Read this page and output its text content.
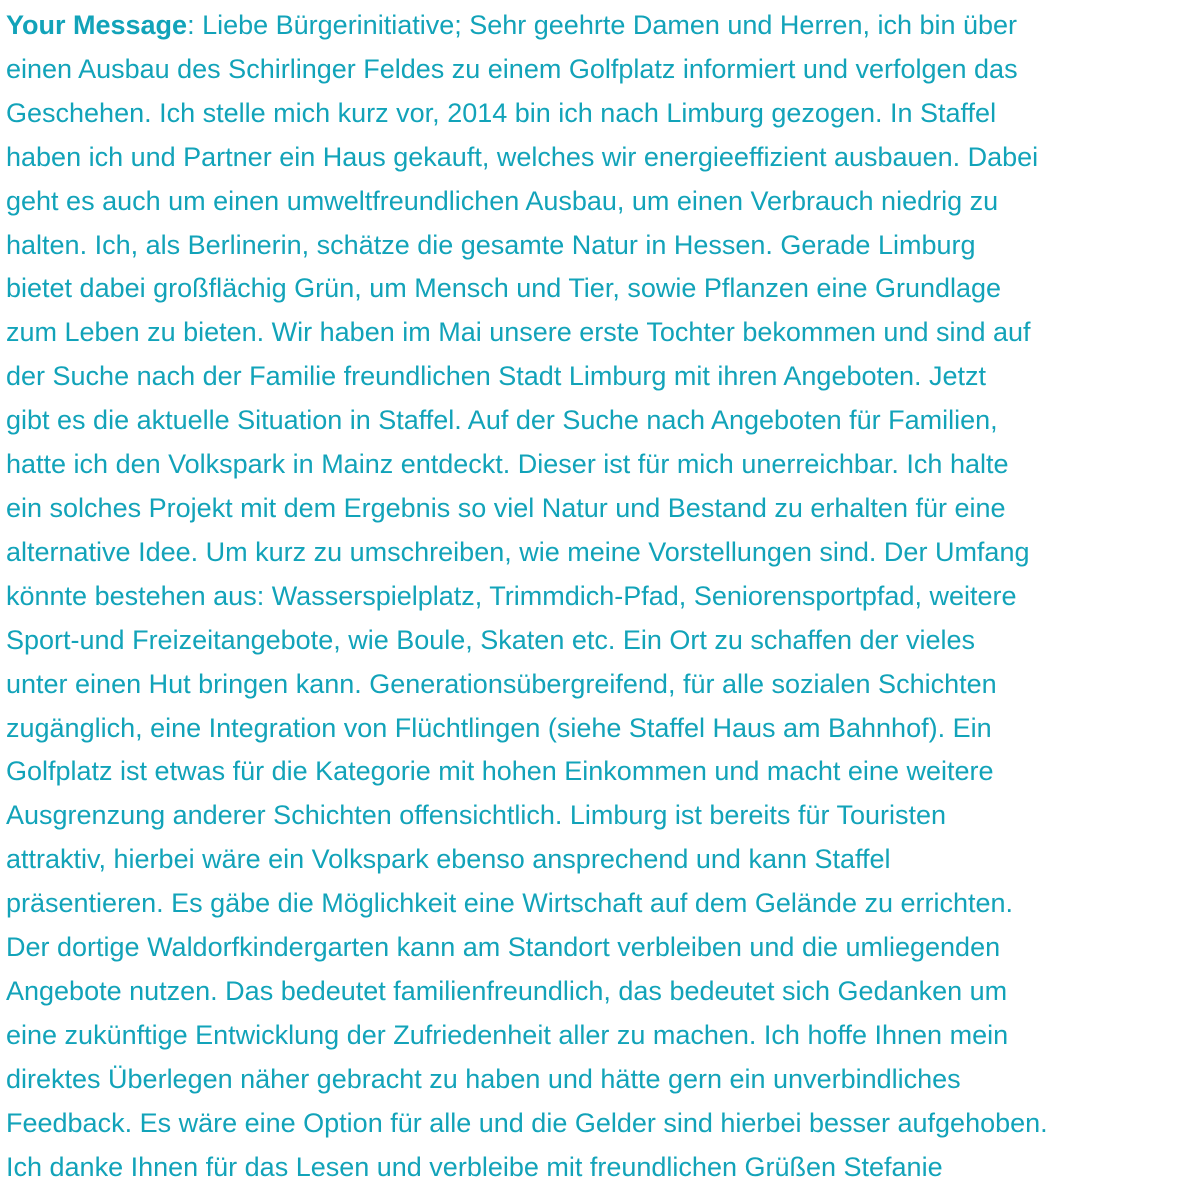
Your Message: Liebe Bürgerinitiative; Sehr geehrte Damen und Herren, ich bin über

einen Ausbau des Schirlinger Feldes zu einem Golfplatz informiert und verfolgen das

Geschehen. Ich stelle mich kurz vor, 2014 bin ich nach Limburg gezogen. In Staffel

haben ich und Partner ein Haus gekauft, welches wir energieeffizient ausbauen. Dabei

geht es auch um einen umweltfreundlichen Ausbau, um einen Verbrauch niedrig zu

halten. Ich, als Berlinerin, schätze die gesamte Natur in Hessen. Gerade Limburg

bietet dabei großflächig Grün, um Mensch und Tier, sowie Pflanzen eine Grundlage

zum Leben zu bieten. Wir haben im Mai unsere erste Tochter bekommen und sind auf

der Suche nach der Familie freundlichen Stadt Limburg mit ihren Angeboten. Jetzt

gibt es die aktuelle Situation in Staffel. Auf der Suche nach Angeboten für Familien,

hatte ich den Volkspark in Mainz entdeckt. Dieser ist für mich unerreichbar. Ich halte

ein solches Projekt mit dem Ergebnis so viel Natur und Bestand zu erhalten für eine

alternative Idee. Um kurz zu umschreiben, wie meine Vorstellungen sind. Der Umfang

könnte bestehen aus: Wasserspielplatz, Trimmdich-Pfad, Seniorensportpfad, weitere

Sport-und Freizeitangebote, wie Boule, Skaten etc. Ein Ort zu schaffen der vieles

unter einen Hut bringen kann. Generationsübergreifend, für alle sozialen Schichten

zugänglich, eine Integration von Flüchtlingen (siehe Staffel Haus am Bahnhof). Ein

Golfplatz ist etwas für die Kategorie mit hohen Einkommen und macht eine weitere

Ausgrenzung anderer Schichten offensichtlich. Limburg ist bereits für Touristen

attraktiv, hierbei wäre ein Volkspark ebenso ansprechend und kann Staffel

präsentieren. Es gäbe die Möglichkeit eine Wirtschaft auf dem Gelände zu errichten.

Der dortige Waldorfkindergarten kann am Standort verbleiben und die umliegenden

Angebote nutzen. Das bedeutet familienfreundlich, das bedeutet sich Gedanken um

eine zukünftige Entwicklung der Zufriedenheit aller zu machen. Ich hoffe Ihnen mein

direktes Überlegen näher gebracht zu haben und hätte gern ein unverbindliches

Feedback. Es wäre eine Option für alle und die Gelder sind hierbei besser aufgehoben.

Ich danke Ihnen für das Lesen und verbleibe mit freundlichen Grüßen Stefanie
